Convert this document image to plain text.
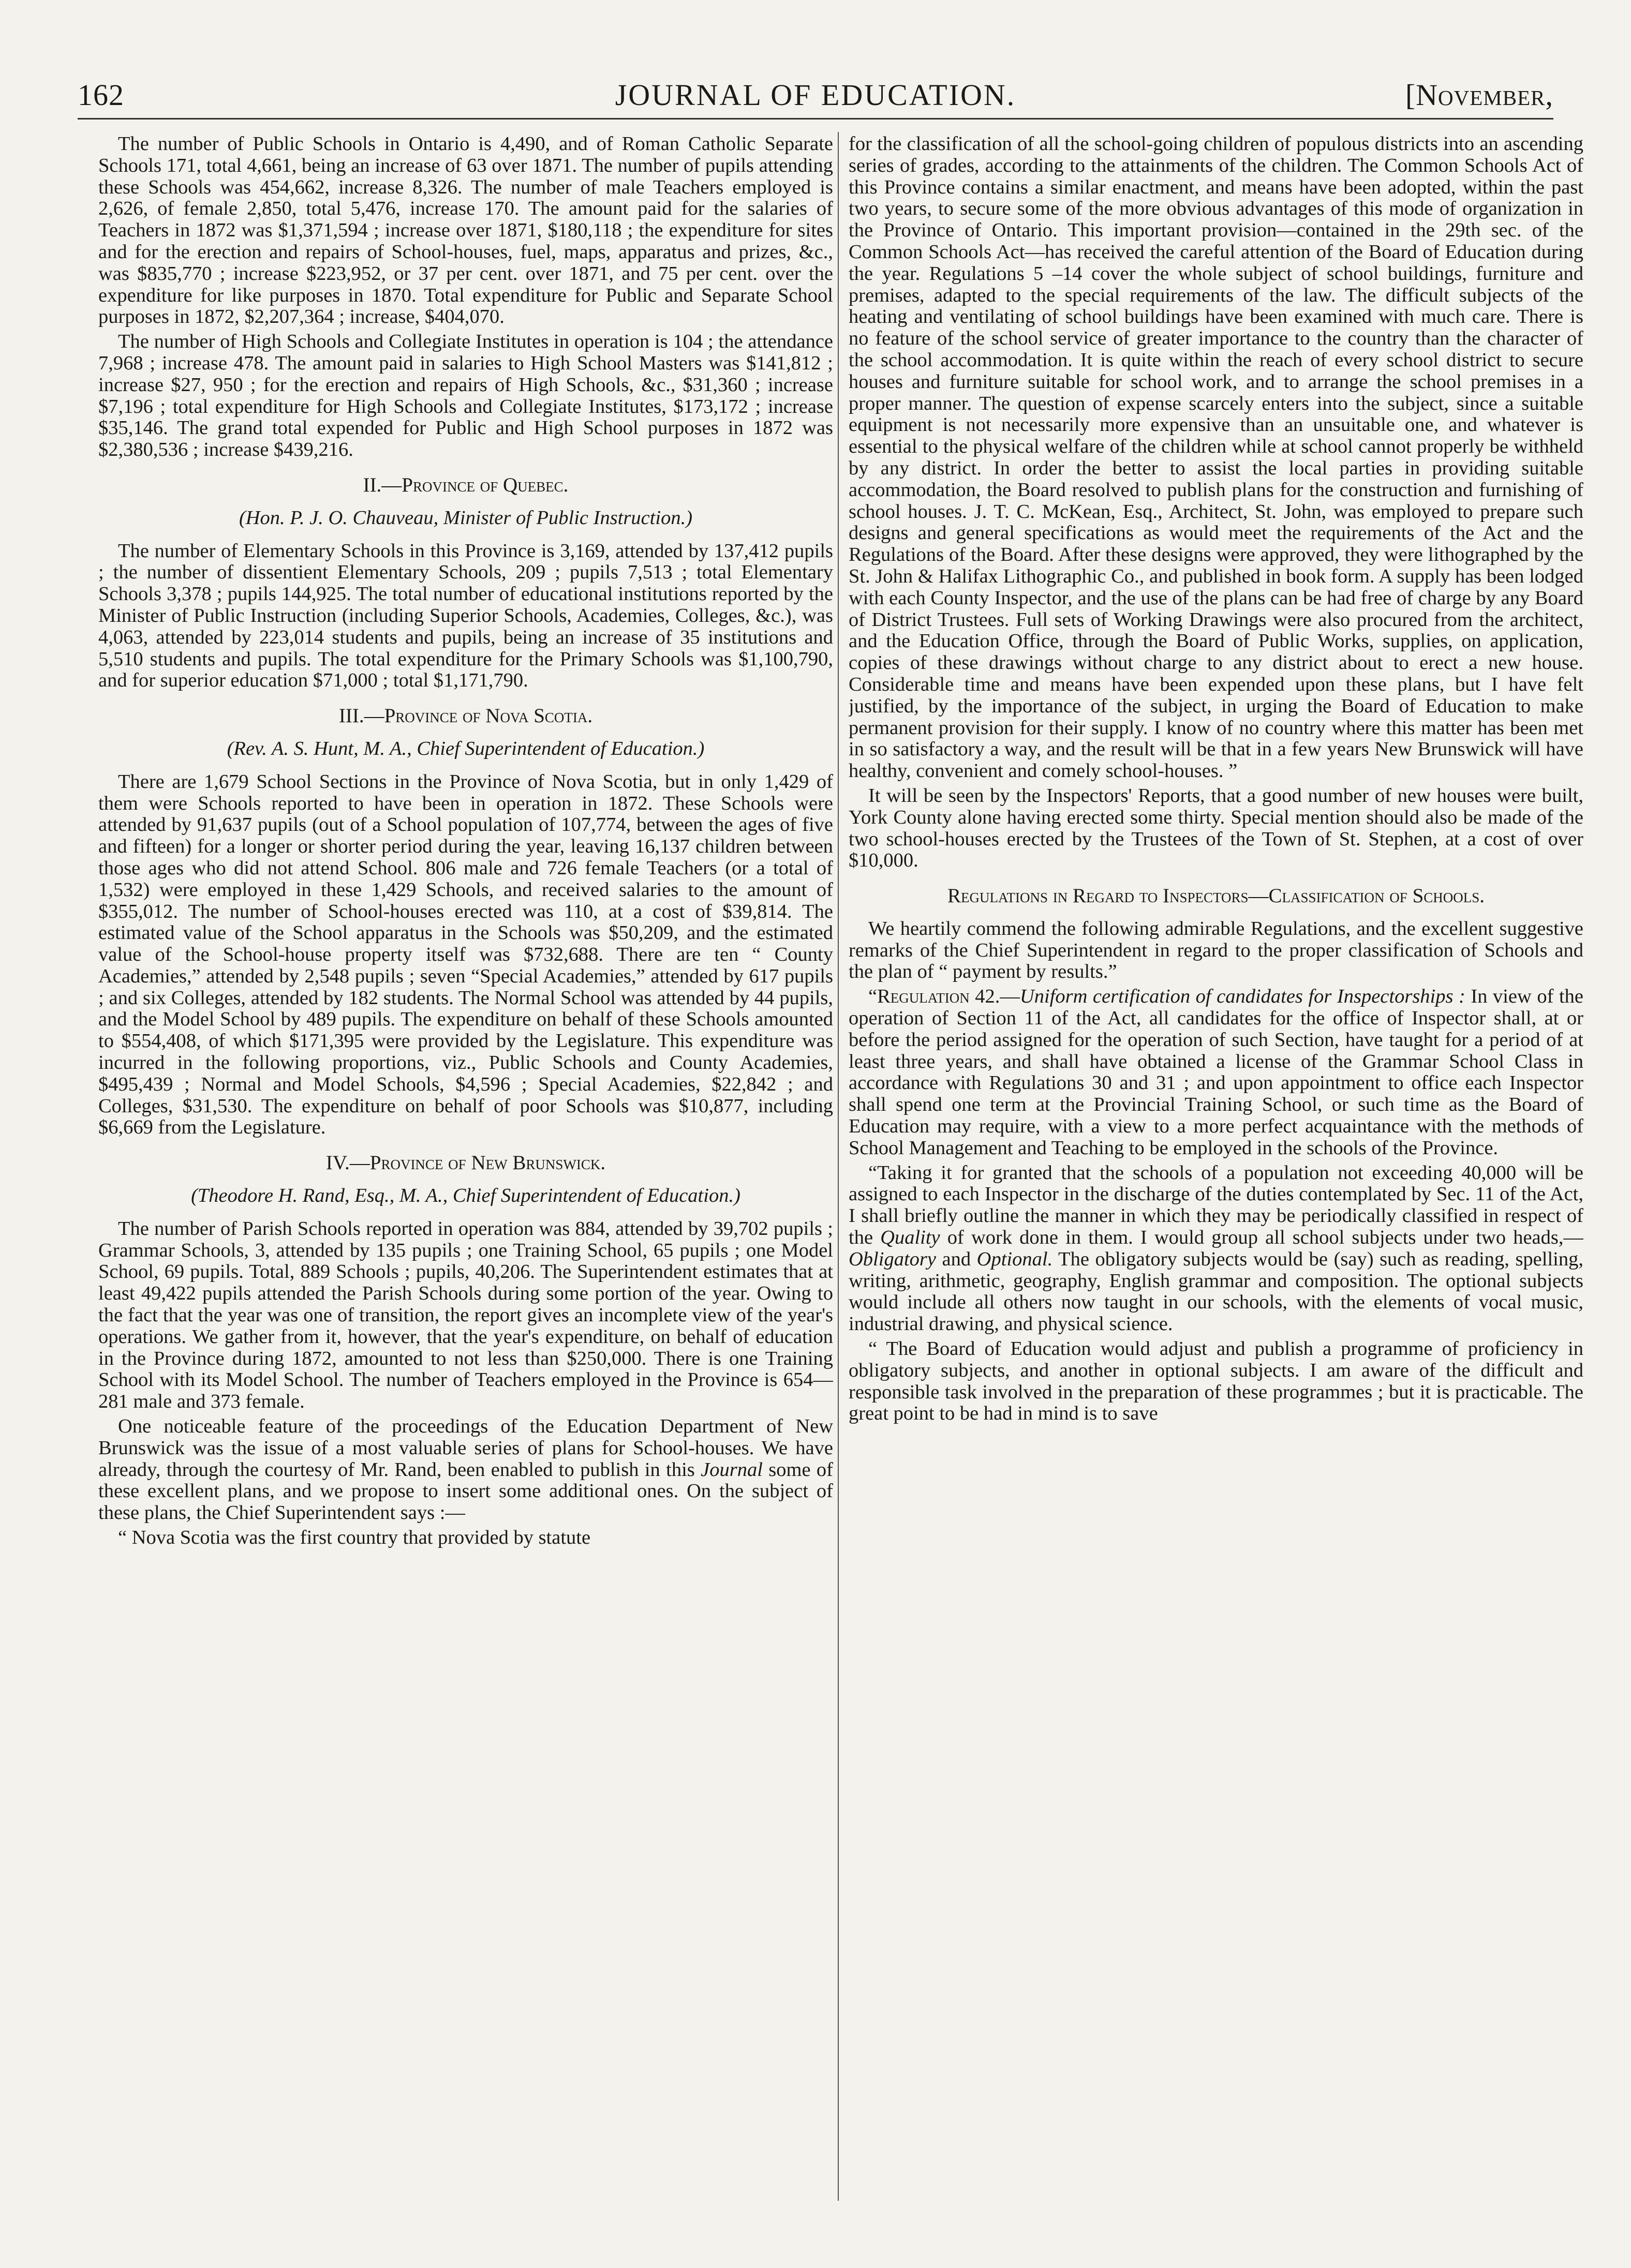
162	JOURNAL OF EDUCATION.	[November,

The number of Public Schools in Ontario is 4,490, and of Roman Catholic Separate Schools 171, total 4,661, being an increase of 63 over 1871. The number of pupils attending these Schools was 454,662, increase 8,326. The number of male Teachers employed is 2,626, of female 2,850, total 5,476, increase 170. The amount paid for the salaries of Teachers in 1872 was $1,371,594 ; increase over 1871, $180,118 ; the expenditure for sites and for the erection and repairs of School-houses, fuel, maps, apparatus and prizes, &c., was $835,770 ; increase $223,952, or 37 per cent. over 1871, and 75 per cent. over the expenditure for like purposes in 1870. Total expenditure for Public and Separate School purposes in 1872, $2,207,364 ; increase, $404,070.

The number of High Schools and Collegiate Institutes in operation is 104 ; the attendance 7,968 ; increase 478. The amount paid in salaries to High School Masters was $141,812 ; increase $27, 950 ; for the erection and repairs of High Schools, &c., $31,360 ; increase $7,196 ; total expenditure for High Schools and Collegiate Institutes, $173,172 ; increase $35,146. The grand total expended for Public and High School purposes in 1872 was $2,380,536 ; increase $439,216.

II.—Province of Quebec.
(Hon. P. J. O. Chauveau, Minister of Public Instruction.)

The number of Elementary Schools in this Province is 3,169, attended by 137,412 pupils ; the number of dissentient Elementary Schools, 209 ; pupils 7,513 ; total Elementary Schools 3,378 ; pupils 144,925. The total number of educational institutions reported by the Minister of Public Instruction (including Superior Schools, Academies, Colleges, &c.), was 4,063, attended by 223,014 students and pupils, being an increase of 35 institutions and 5,510 students and pupils. The total expenditure for the Primary Schools was $1,100,790, and for superior education $71,000 ; total $1,171,790.

III.—Province of Nova Scotia.
(Rev. A. S. Hunt, M. A., Chief Superintendent of Education.)

There are 1,679 School Sections in the Province of Nova Scotia, but in only 1,429 of them were Schools reported to have been in operation in 1872. These Schools were attended by 91,637 pupils (out of a School population of 107,774, between the ages of five and fifteen) for a longer or shorter period during the year, leaving 16,137 children between those ages who did not attend School. 806 male and 726 female Teachers (or a total of 1,532) were employed in these 1,429 Schools, and received salaries to the amount of $355,012. The number of School-houses erected was 110, at a cost of $39,814. The estimated value of the School apparatus in the Schools was $50,209, and the estimated value of the School-house property itself was $732,688. There are ten “ County Academies,” attended by 2,548 pupils ; seven “Special Academies,” attended by 617 pupils ; and six Colleges, attended by 182 students. The Normal School was attended by 44 pupils, and the Model School by 489 pupils. The expenditure on behalf of these Schools amounted to $554,408, of which $171,395 were provided by the Legislature. This expenditure was incurred in the following proportions, viz., Public Schools and County Academies, $495,439 ; Normal and Model Schools, $4,596 ; Special Academies, $22,842 ; and Colleges, $31,530. The expenditure on behalf of poor Schools was $10,877, including $6,669 from the Legislature.

IV.—Province of New Brunswick.
(Theodore H. Rand, Esq., M. A., Chief Superintendent of Education.)

The number of Parish Schools reported in operation was 884, attended by 39,702 pupils ; Grammar Schools, 3, attended by 135 pupils ; one Training School, 65 pupils ; one Model School, 69 pupils. Total, 889 Schools ; pupils, 40,206. The Superintendent estimates that at least 49,422 pupils attended the Parish Schools during some portion of the year. Owing to the fact that the year was one of transition, the report gives an incomplete view of the year's operations. We gather from it, however, that the year's expenditure, on behalf of education in the Province during 1872, amounted to not less than $250,000. There is one Training School with its Model School. The number of Teachers employed in the Province is 654—281 male and 373 female.

One noticeable feature of the proceedings of the Education Department of New Brunswick was the issue of a most valuable series of plans for School-houses. We have already, through the courtesy of Mr. Rand, been enabled to publish in this Journal some of these excellent plans, and we propose to insert some additional ones. On the subject of these plans, the Chief Superintendent says :—

“ Nova Scotia was the first country that provided by statute

for the classification of all the school-going children of populous districts into an ascending series of grades, according to the attainments of the children. The Common Schools Act of this Province contains a similar enactment, and means have been adopted, within the past two years, to secure some of the more obvious advantages of this mode of organization in the Province of Ontario. This important provision—contained in the 29th sec. of the Common Schools Act—has received the careful attention of the Board of Education during the year. Regulations 5 –14 cover the whole subject of school buildings, furniture and premises, adapted to the special requirements of the law. The difficult subjects of the heating and ventilating of school buildings have been examined with much care. There is no feature of the school service of greater importance to the country than the character of the school accommodation. It is quite within the reach of every school district to secure houses and furniture suitable for school work, and to arrange the school premises in a proper manner. The question of expense scarcely enters into the subject, since a suitable equipment is not necessarily more expensive than an unsuitable one, and whatever is essential to the physical welfare of the children while at school cannot properly be withheld by any district. In order the better to assist the local parties in providing suitable accommodation, the Board resolved to publish plans for the construction and furnishing of school houses. J. T. C. McKean, Esq., Architect, St. John, was employed to prepare such designs and general specifications as would meet the requirements of the Act and the Regulations of the Board. After these designs were approved, they were lithographed by the St. John & Halifax Lithographic Co., and published in book form. A supply has been lodged with each County Inspector, and the use of the plans can be had free of charge by any Board of District Trustees. Full sets of Working Drawings were also procured from the architect, and the Education Office, through the Board of Public Works, supplies, on application, copies of these drawings without charge to any district about to erect a new house. Considerable time and means have been expended upon these plans, but I have felt justified, by the importance of the subject, in urging the Board of Education to make permanent provision for their supply. I know of no country where this matter has been met in so satisfactory a way, and the result will be that in a few years New Brunswick will have healthy, convenient and comely school-houses. ”

It will be seen by the Inspectors' Reports, that a good number of new houses were built, York County alone having erected some thirty. Special mention should also be made of the two school-houses erected by the Trustees of the Town of St. Stephen, at a cost of over $10,000.

Regulations in Regard to Inspectors—Classification of Schools.

We heartily commend the following admirable Regulations, and the excellent suggestive remarks of the Chief Superintendent in regard to the proper classification of Schools and the plan of “ payment by results.”

“Regulation 42.—Uniform certification of candidates for Inspectorships : In view of the operation of Section 11 of the Act, all candidates for the office of Inspector shall, at or before the period assigned for the operation of such Section, have taught for a period of at least three years, and shall have obtained a license of the Grammar School Class in accordance with Regulations 30 and 31 ; and upon appointment to office each Inspector shall spend one term at the Provincial Training School, or such time as the Board of Education may require, with a view to a more perfect acquaintance with the methods of School Management and Teaching to be employed in the schools of the Province.

“Taking it for granted that the schools of a population not exceeding 40,000 will be assigned to each Inspector in the discharge of the duties contemplated by Sec. 11 of the Act, I shall briefly outline the manner in which they may be periodically classified in respect of the Quality of work done in them. I would group all school subjects under two heads,—Obligatory and Optional. The obligatory subjects would be (say) such as reading, spelling, writing, arithmetic, geography, English grammar and composition. The optional subjects would include all others now taught in our schools, with the elements of vocal music, industrial drawing, and physical science.

“ The Board of Education would adjust and publish a programme of proficiency in obligatory subjects, and another in optional subjects. I am aware of the difficult and responsible task involved in the preparation of these programmes ; but it is practicable. The great point to be had in mind is to save
